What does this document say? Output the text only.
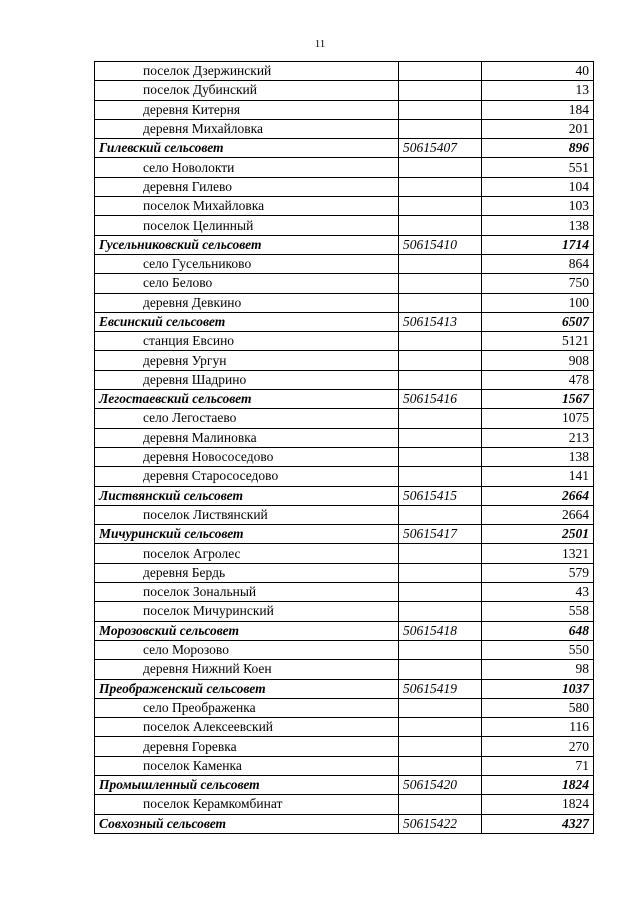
11
поселок Дзержинский		40
поселок Дубинский		13
деревня Китерня		184
деревня Михайловка		201
Гилевский сельсовет	50615407	896
село Новолокти		551
деревня Гилево		104
поселок Михайловка		103
поселок Целинный		138
Гусельниковский сельсовет	50615410	1714
село Гусельниково		864
село Белово		750
деревня Девкино		100
Евсинский сельсовет	50615413	6507
станция Евсино		5121
деревня Ургун		908
деревня Шадрино		478
Легостаевский сельсовет	50615416	1567
село Легостаево		1075
деревня Малиновка		213
деревня Новососедово		138
деревня Старососедово		141
Листвянский сельсовет	50615415	2664
поселок Листвянский		2664
Мичуринский сельсовет	50615417	2501
поселок Агролес		1321
деревня Бердь		579
поселок Зональный		43
поселок Мичуринский		558
Морозовский сельсовет	50615418	648
село Морозово		550
деревня Нижний Коен		98
Преображенский сельсовет	50615419	1037
село Преображенка		580
поселок Алексеевский		116
деревня Горевка		270
поселок Каменка		71
Промышленный сельсовет	50615420	1824
поселок Керамкомбинат		1824
Совхозный сельсовет	50615422	4327
